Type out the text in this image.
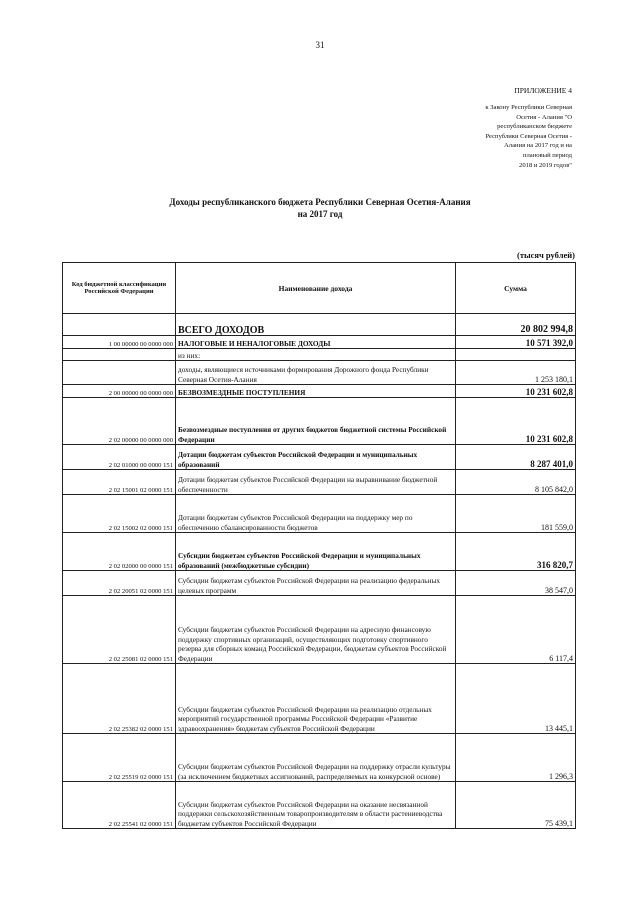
31
ПРИЛОЖЕНИЕ 4
к Закону Республики Северная
Осетия - Алания "О
республиканском бюджете
Республики Северная Осетия -
Алания на 2017 год и на
плановый период
2018 и 2019 годов"
Доходы республиканского бюджета Республики Северная Осетия-Алания
на 2017 год
(тысяч рублей)
Код бюджетной классификации Российской Федерации	Наименование дохода	Сумма
	ВСЕГО ДОХОДОВ	20 802 994,8
1 00 00000 00 0000 000	НАЛОГОВЫЕ И НЕНАЛОГОВЫЕ ДОХОДЫ	10 571 392,0
	из них:	
	доходы, являющиеся источниками формирования Дорожного фонда Республики Северная Осетия-Алания	1 253 180,1
2 00 00000 00 0000 000	БЕЗВОЗМЕЗДНЫЕ ПОСТУПЛЕНИЯ	10 231 602,8
2 02 00000 00 0000 000	Безвозмездные поступления от других бюджетов бюджетной системы Российской Федерации	10 231 602,8
2 02 01000 00 0000 151	Дотации бюджетам субъектов Российской Федерации и муниципальных образований	8 287 401,0
2 02 15001 02 0000 151	Дотации бюджетам субъектов Российской Федерации на выравнивание бюджетной обеспеченности	8 105 842,0
2 02 15002 02 0000 151	Дотации бюджетам субъектов Российской Федерации на поддержку мер по обеспечению сбалансированности бюджетов	181 559,0
2 02 02000 00 0000 151	Субсидии бюджетам субъектов Российской Федерации и муниципальных образований (межбюджетные субсидии)	316 820,7
2 02 20051 02 0000 151	Субсидии бюджетам субъектов Российской Федерации на реализацию федеральных целевых программ	38 547,0
2 02 25081 02 0000 151	Субсидии бюджетам субъектов Российской Федерации на адресную финансовую поддержку спортивных организаций, осуществляющих подготовку спортивного резерва для сборных команд Российской Федерации, бюджетам субъектов Российской Федерации	6 117,4
2 02 25382 02 0000 151	Субсидии бюджетам субъектов Российской Федерации на реализацию отдельных мероприятий государственной программы Российской Федерации «Развитие здравоохранения» бюджетам субъектов Российской Федерации	13 445,1
2 02 25519 02 0000 151	Субсидии бюджетам субъектов Российской Федерации на поддержку отрасли культуры (за исключением бюджетных ассигнований, распределяемых на конкурсной основе)	1 296,3
2 02 25541 02 0000 151	Субсидии бюджетам субъектов Российской Федерации на оказание несвязанной поддержки сельскохозяйственным товаропроизводителям в области растениеводства бюджетам субъектов Российской Федерации	75 439,1
